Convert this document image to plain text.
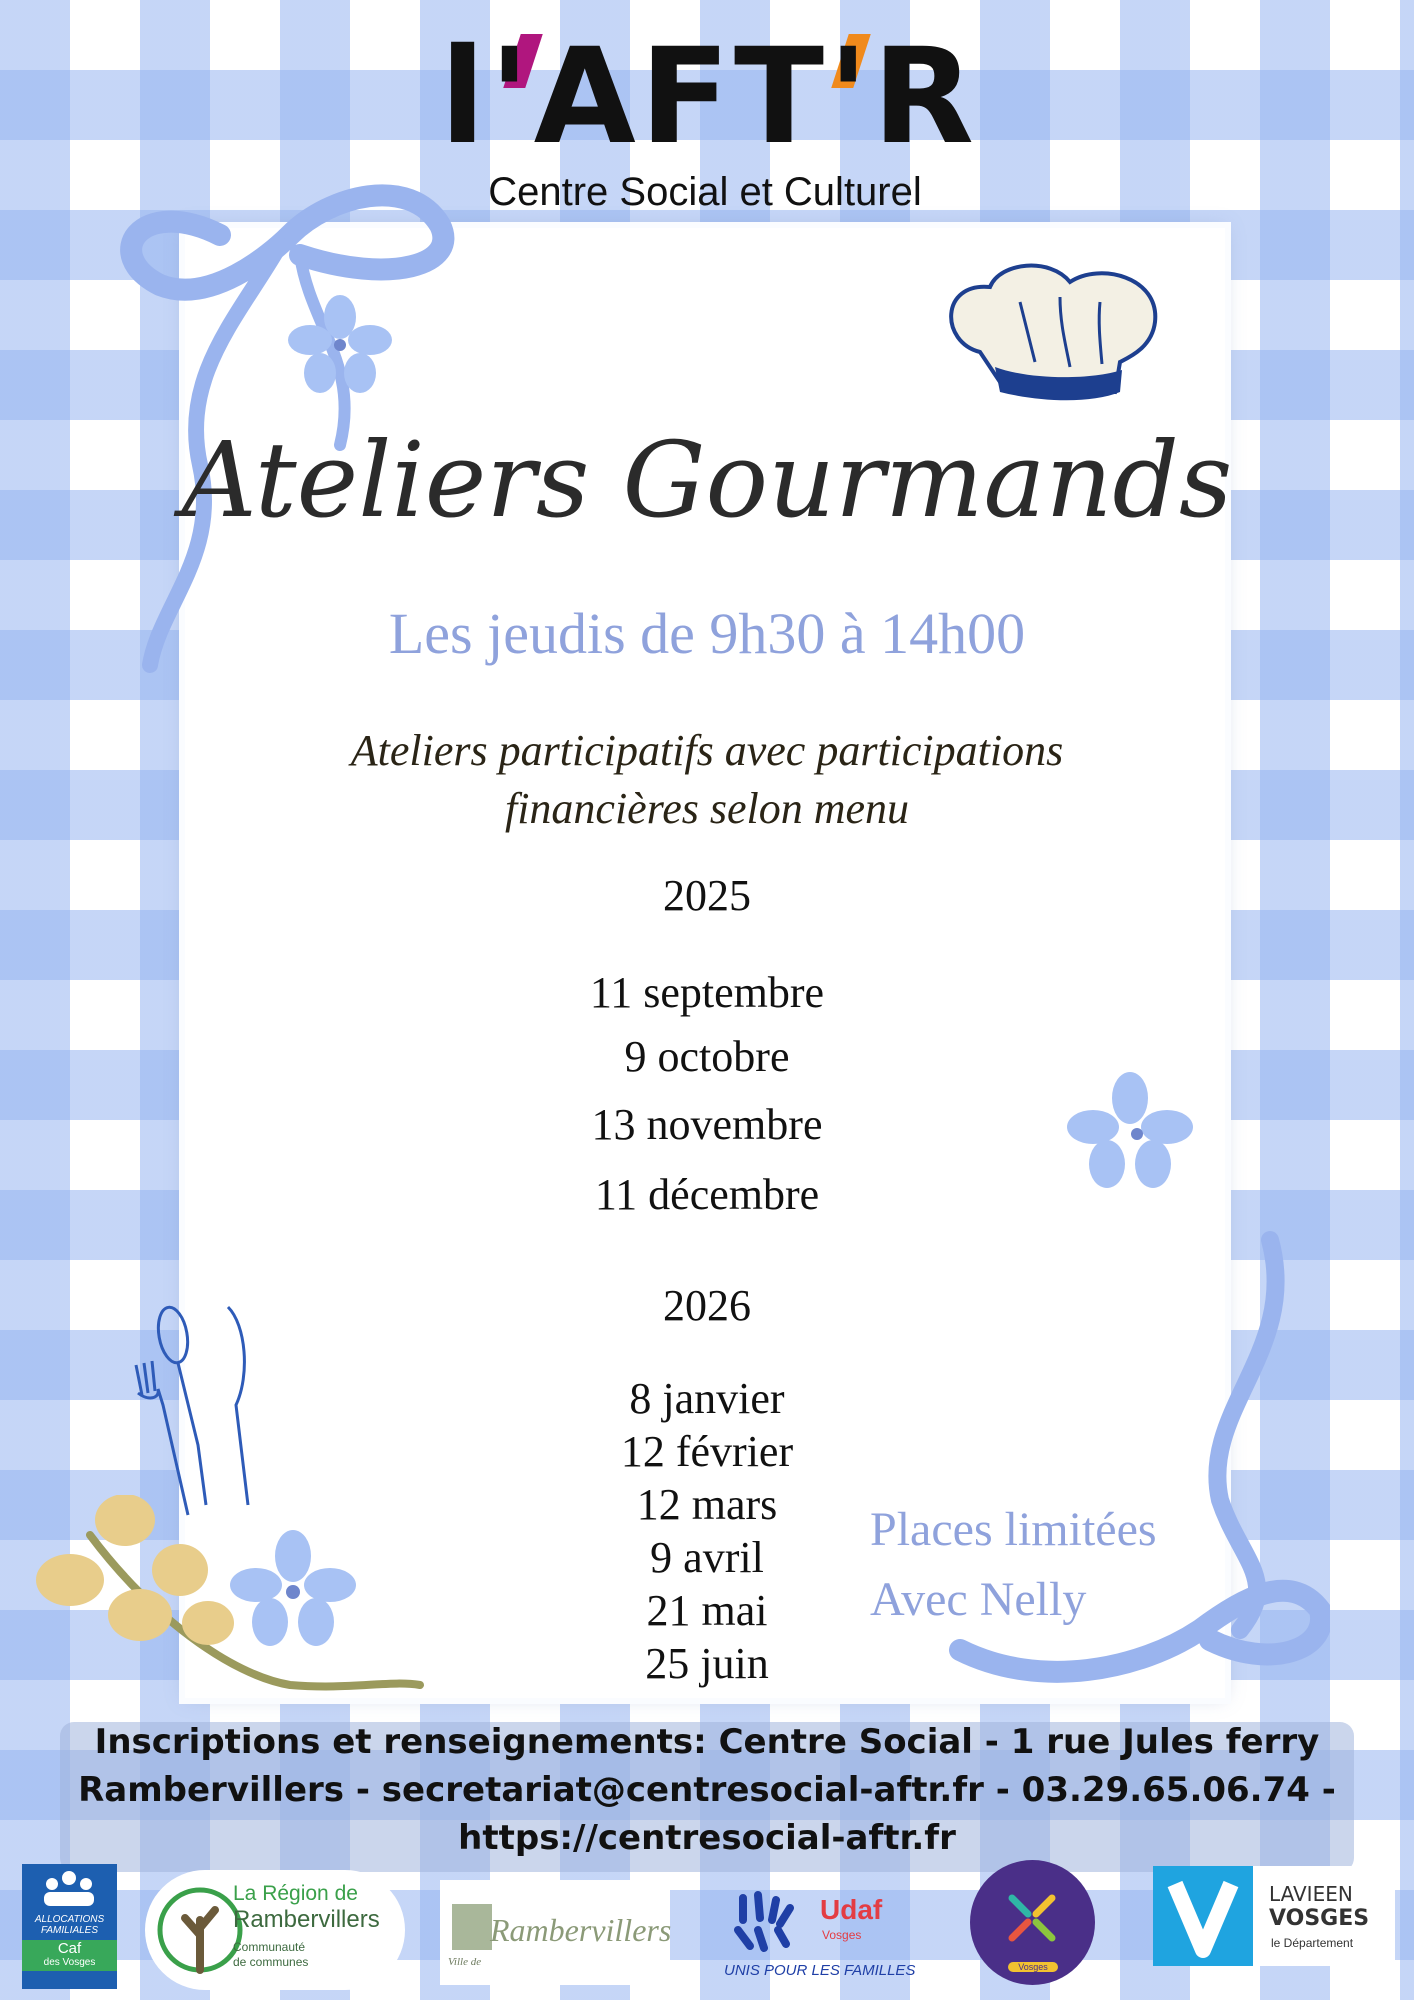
l'AFT'R
Centre Social et Culturel
Ateliers Gourmands
Les jeudis de 9h30 à 14h00
Ateliers participatifs avec participations
financières selon menu
2025
11 septembre
9 octobre
13 novembre
11 décembre
2026
8 janvier
12 février
12 mars
9 avril
21 mai
25 juin
Places limitées
Avec Nelly
Inscriptions et renseignements: Centre Social - 1 rue Jules ferry
Rambervillers - secretariat@centresocial-aftr.fr - 03.29.65.06.74 -
https://centresocial-aftr.fr
ALLOCATIONS
FAMILIALES
Caf
des Vosges
La Région de
Rambervillers
Communauté
de communes	Ville de
Rambervillers
Udaf
Vosges
UNIS POUR LES FAMILLES	Vosges
LAVIEEN
VOSGES
le Département
